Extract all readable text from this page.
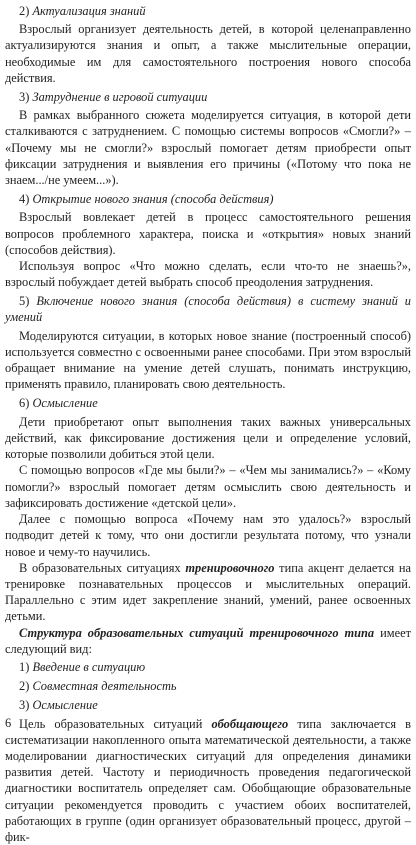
2) Актуализация знаний

Взрослый организует деятельность детей, в которой целенаправленно актуализируются знания и опыт, а также мыслительные операции, необходимые им для самостоятельного построения нового способа действия.

3) Затруднение в игровой ситуации

В рамках выбранного сюжета моделируется ситуация, в которой дети сталкиваются с затруднением. С помощью системы вопросов «Смогли?» – «Почему мы не смогли?» взрослый помогает детям приобрести опыт фиксации затруднения и выявления его причины («Потому что пока не знаем.../не умеем...»).

4) Открытие нового знания (способа действия)

Взрослый вовлекает детей в процесс самостоятельного решения вопросов проблемного характера, поиска и «открытия» новых знаний (способов действия).

Используя вопрос «Что можно сделать, если что-то не знаешь?», взрослый побуждает детей выбрать способ преодоления затруднения.

5) Включение нового знания (способа действия) в систему знаний и умений

Моделируются ситуации, в которых новое знание (построенный способ) используется совместно с освоенными ранее способами. При этом взрослый обращает внимание на умение детей слушать, понимать инструкцию, применять правило, планировать свою деятельность.

6) Осмысление

Дети приобретают опыт выполнения таких важных универсальных действий, как фиксирование достижения цели и определение условий, которые позволили добиться этой цели.

С помощью вопросов «Где мы были?» – «Чем мы занимались?» – «Кому помогли?» взрослый помогает детям осмыслить свою деятельность и зафиксировать достижение «детской цели».

Далее с помощью вопроса «Почему нам это удалось?» взрослый подводит детей к тому, что они достигли результата потому, что узнали новое и чему-то научились.

В образовательных ситуациях тренировочного типа акцент делается на тренировке познавательных процессов и мыслительных операций. Параллельно с этим идет закрепление знаний, умений, ранее освоенных детьми.

Структура образовательных ситуаций тренировочного типа имеет следующий вид:

1) Введение в ситуацию

2) Совместная деятельность

3) Осмысление

Цель образовательных ситуаций обобщающего типа заключается в систематизации накопленного опыта математической деятельности, а также моделировании диагностических ситуаций для определения динамики развития детей. Частоту и периодичность проведения педагогической диагностики воспитатель определяет сам. Обобщающие образовательные ситуации рекомендуется проводить с участием обоих воспитателей, работающих в группе (один организует образовательный процесс, другой – фик-

6
